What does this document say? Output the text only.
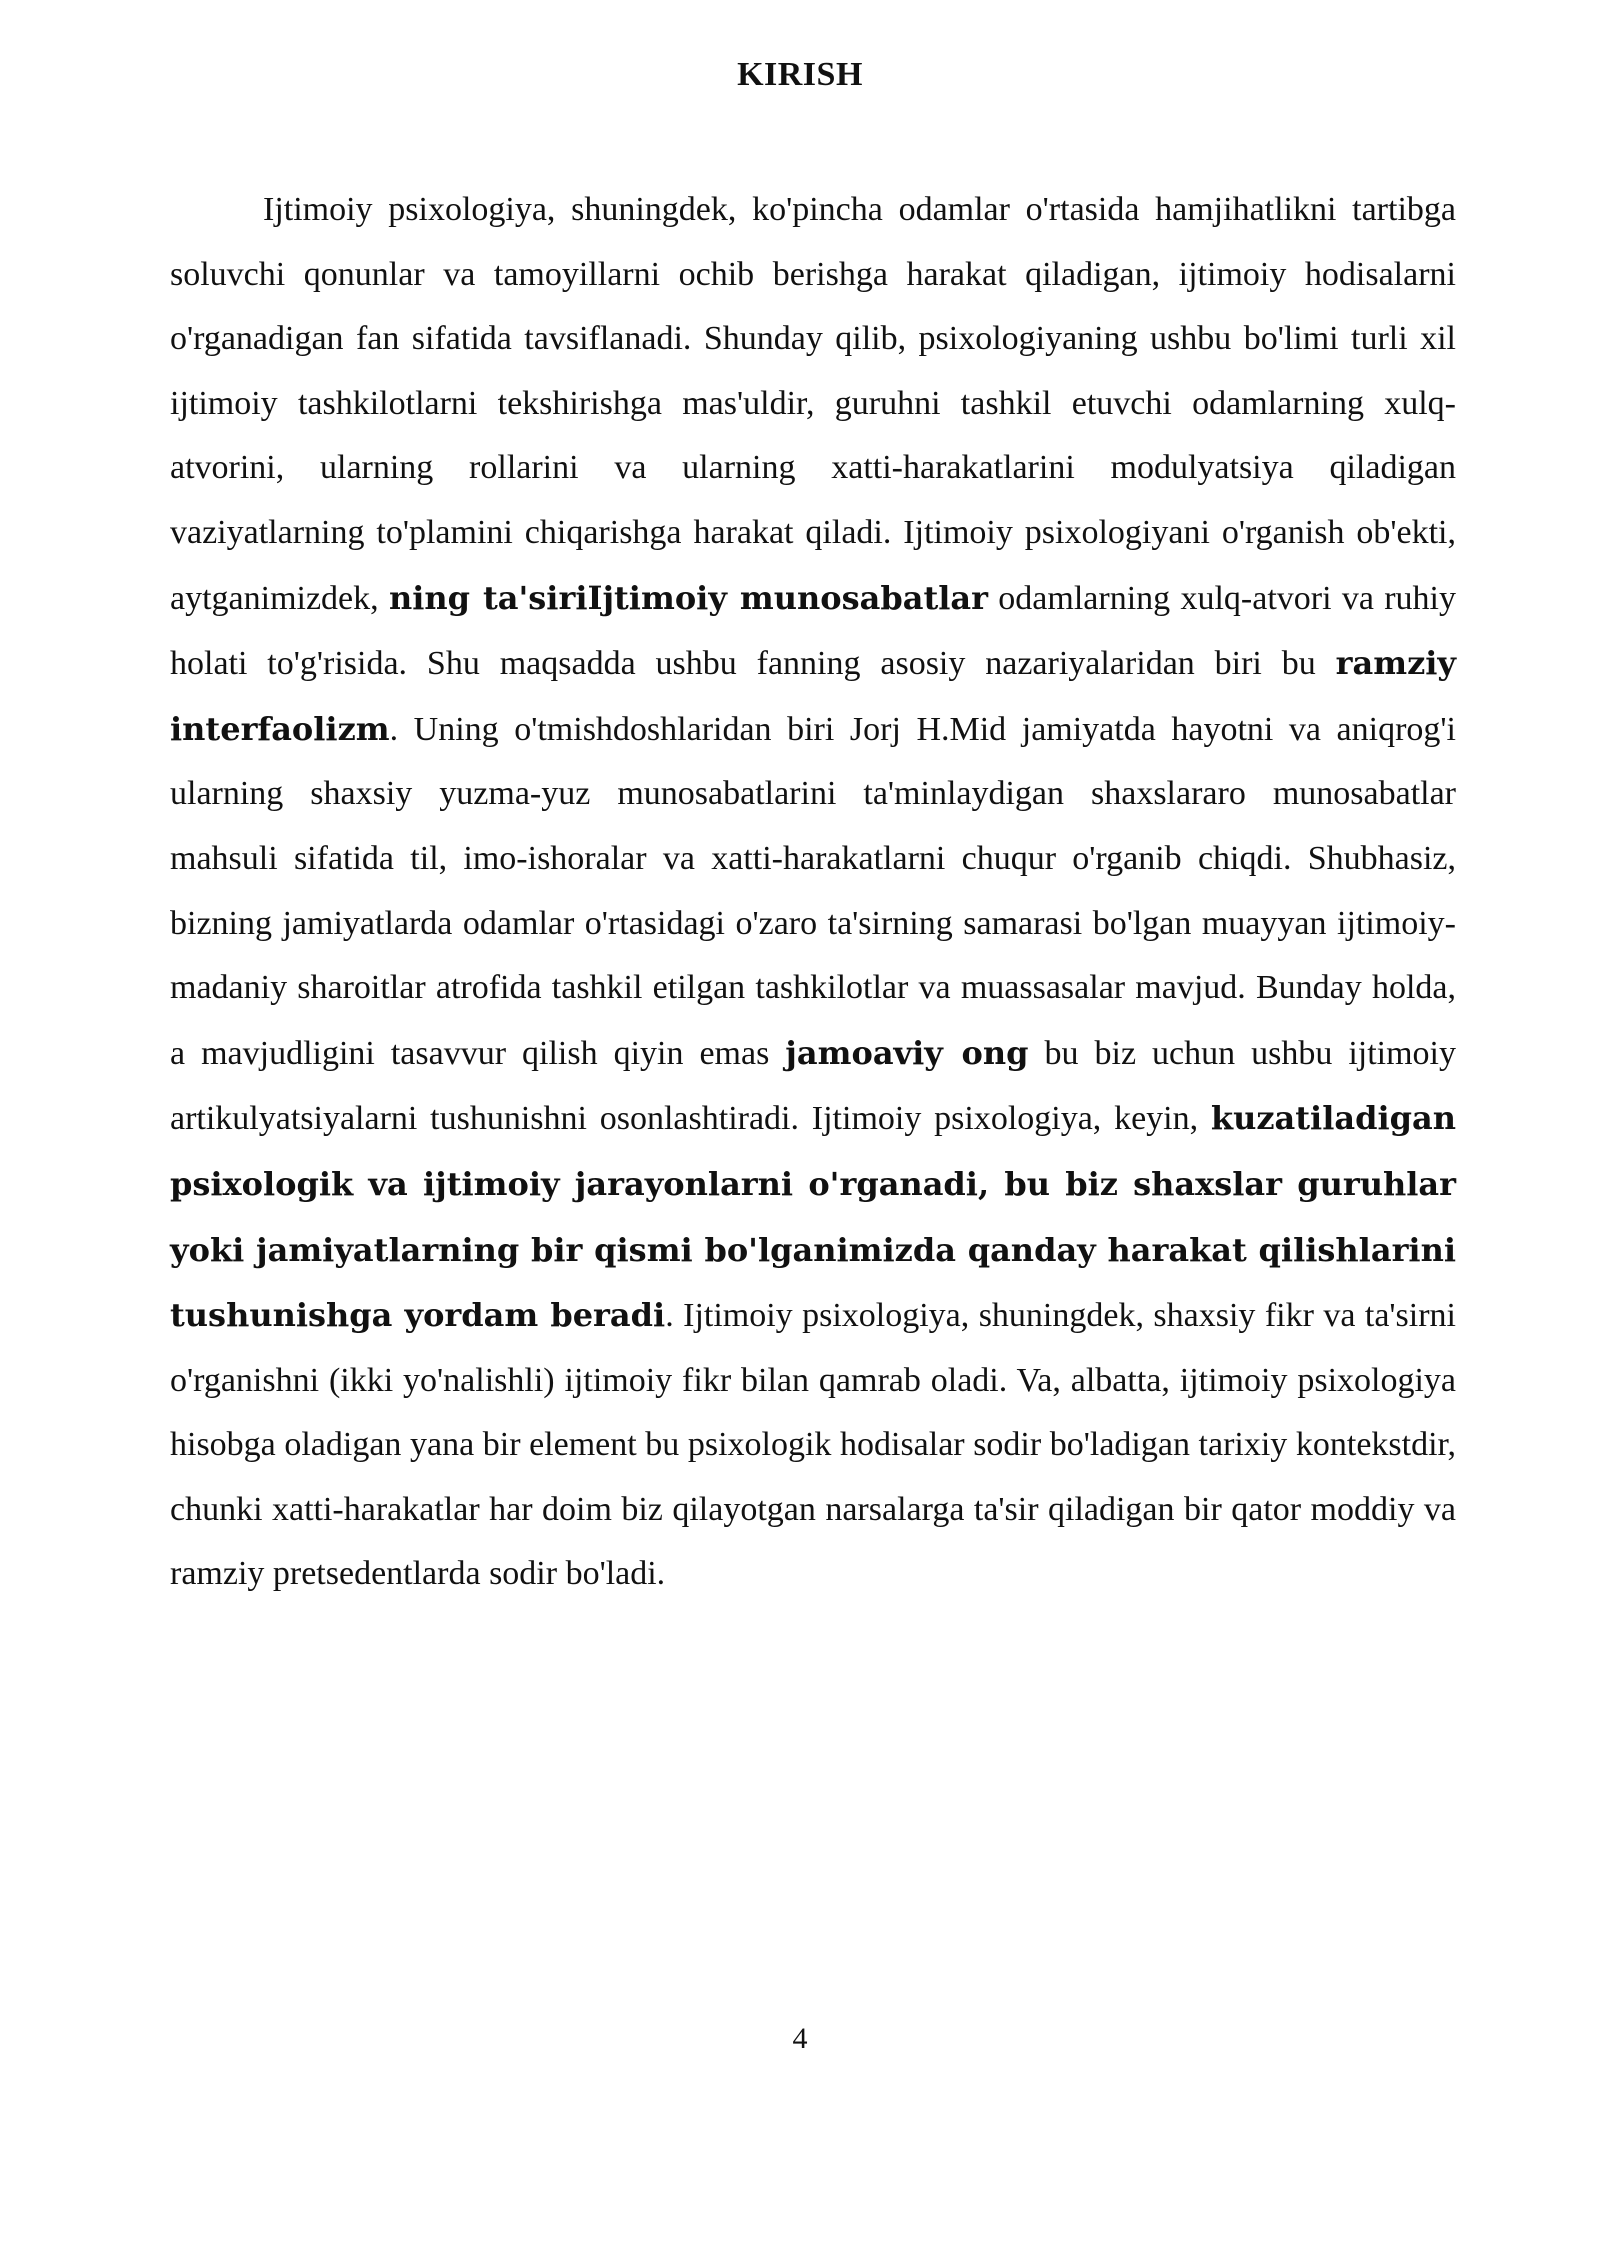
KIRISH

Ijtimoiy psixologiya, shuningdek, ko'pincha odamlar o'rtasida hamjihatlikni tartibga soluvchi qonunlar va tamoyillarni ochib berishga harakat qiladigan, ijtimoiy hodisalarni o'rganadigan fan sifatida tavsiflanadi. Shunday qilib, psixologiyaning ushbu bo'limi turli xil ijtimoiy tashkilotlarni tekshirishga mas'uldir, guruhni tashkil etuvchi odamlarning xulq-atvorini, ularning rollarini va ularning xatti-harakatlarini modulyatsiya qiladigan vaziyatlarning to'plamini chiqarishga harakat qiladi. Ijtimoiy psixologiyani o'rganish ob'ekti, aytganimizdek, ning ta'siriIjtimoiy munosabatlar odamlarning xulq-atvori va ruhiy holati to'g'risida. Shu maqsadda ushbu fanning asosiy nazariyalaridan biri bu ramziy interfaolizm. Uning o'tmishdoshlaridan biri Jorj H.Mid jamiyatda hayotni va aniqrog'i ularning shaxsiy yuzma-yuz munosabatlarini ta'minlaydigan shaxslararo munosabatlar mahsuli sifatida til, imo-ishoralar va xatti-harakatlarni chuqur o'rganib chiqdi. Shubhasiz, bizning jamiyatlarda odamlar o'rtasidagi o'zaro ta'sirning samarasi bo'lgan muayyan ijtimoiy-madaniy sharoitlar atrofida tashkil etilgan tashkilotlar va muassasalar mavjud. Bunday holda, a mavjudligini tasavvur qilish qiyin emas jamoaviy ong bu biz uchun ushbu ijtimoiy artikulyatsiyalarni tushunishni osonlashtiradi. Ijtimoiy psixologiya, keyin, kuzatiladigan psixologik va ijtimoiy jarayonlarni o'rganadi, bu biz shaxslar guruhlar yoki jamiyatlarning bir qismi bo'lganimizda qanday harakat qilishlarini tushunishga yordam beradi. Ijtimoiy psixologiya, shuningdek, shaxsiy fikr va ta'sirni o'rganishni (ikki yo'nalishli) ijtimoiy fikr bilan qamrab oladi. Va, albatta, ijtimoiy psixologiya hisobga oladigan yana bir element bu psixologik hodisalar sodir bo'ladigan tarixiy kontekstdir, chunki xatti-harakatlar har doim biz qilayotgan narsalarga ta'sir qiladigan bir qator moddiy va ramziy pretsedentlarda sodir bo'ladi.

4
